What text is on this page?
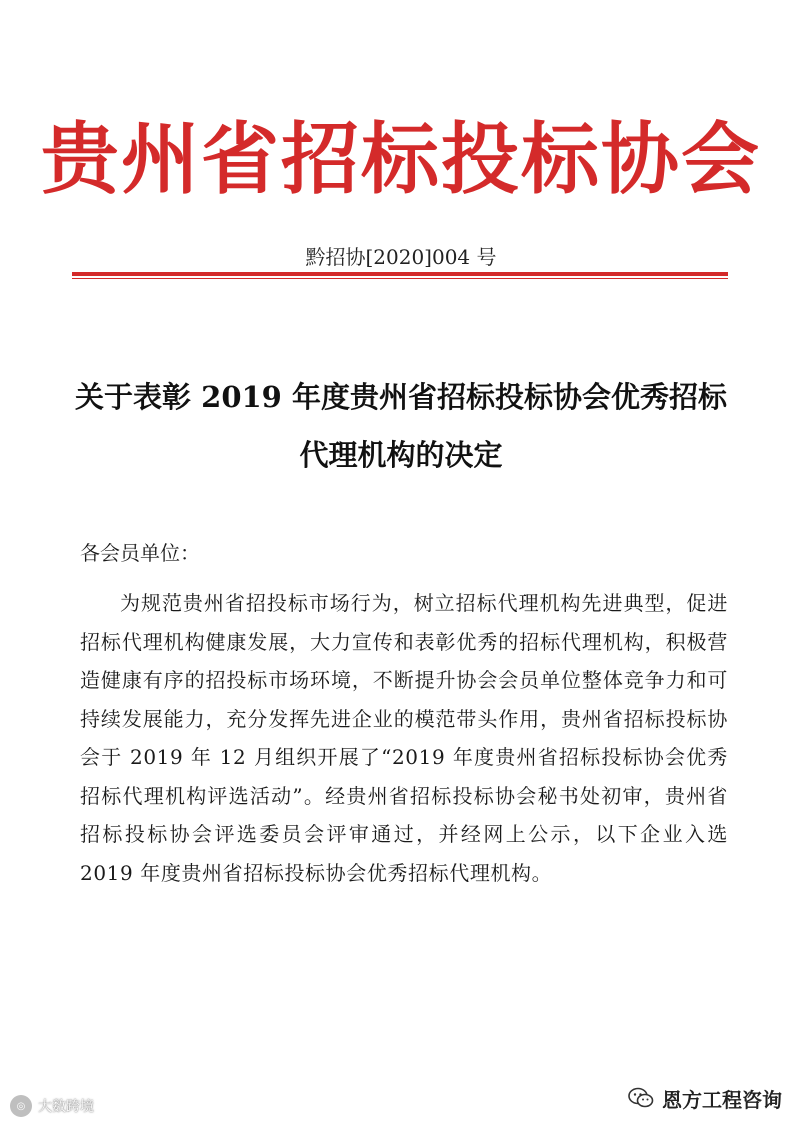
贵州省招标投标协会
黔招协[2020]004 号
关于表彰 2019 年度贵州省招标投标协会优秀招标
代理机构的决定
各会员单位：

为规范贵州省招投标市场行为，树立招标代理机构先进典型，促进招标代理机构健康发展，大力宣传和表彰优秀的招标代理机构，积极营造健康有序的招投标市场环境，不断提升协会会员单位整体竞争力和可持续发展能力，充分发挥先进企业的模范带头作用，贵州省招标投标协会于 2019 年 12 月组织开展了“2019 年度贵州省招标投标协会优秀招标代理机构评选活动”。经贵州省招标投标协会秘书处初审，贵州省招标投标协会评选委员会评审通过，并经网上公示，以下企业入选 2019 年度贵州省招标投标协会优秀招标代理机构。

◎ 大数跨境	恩方工程咨询
